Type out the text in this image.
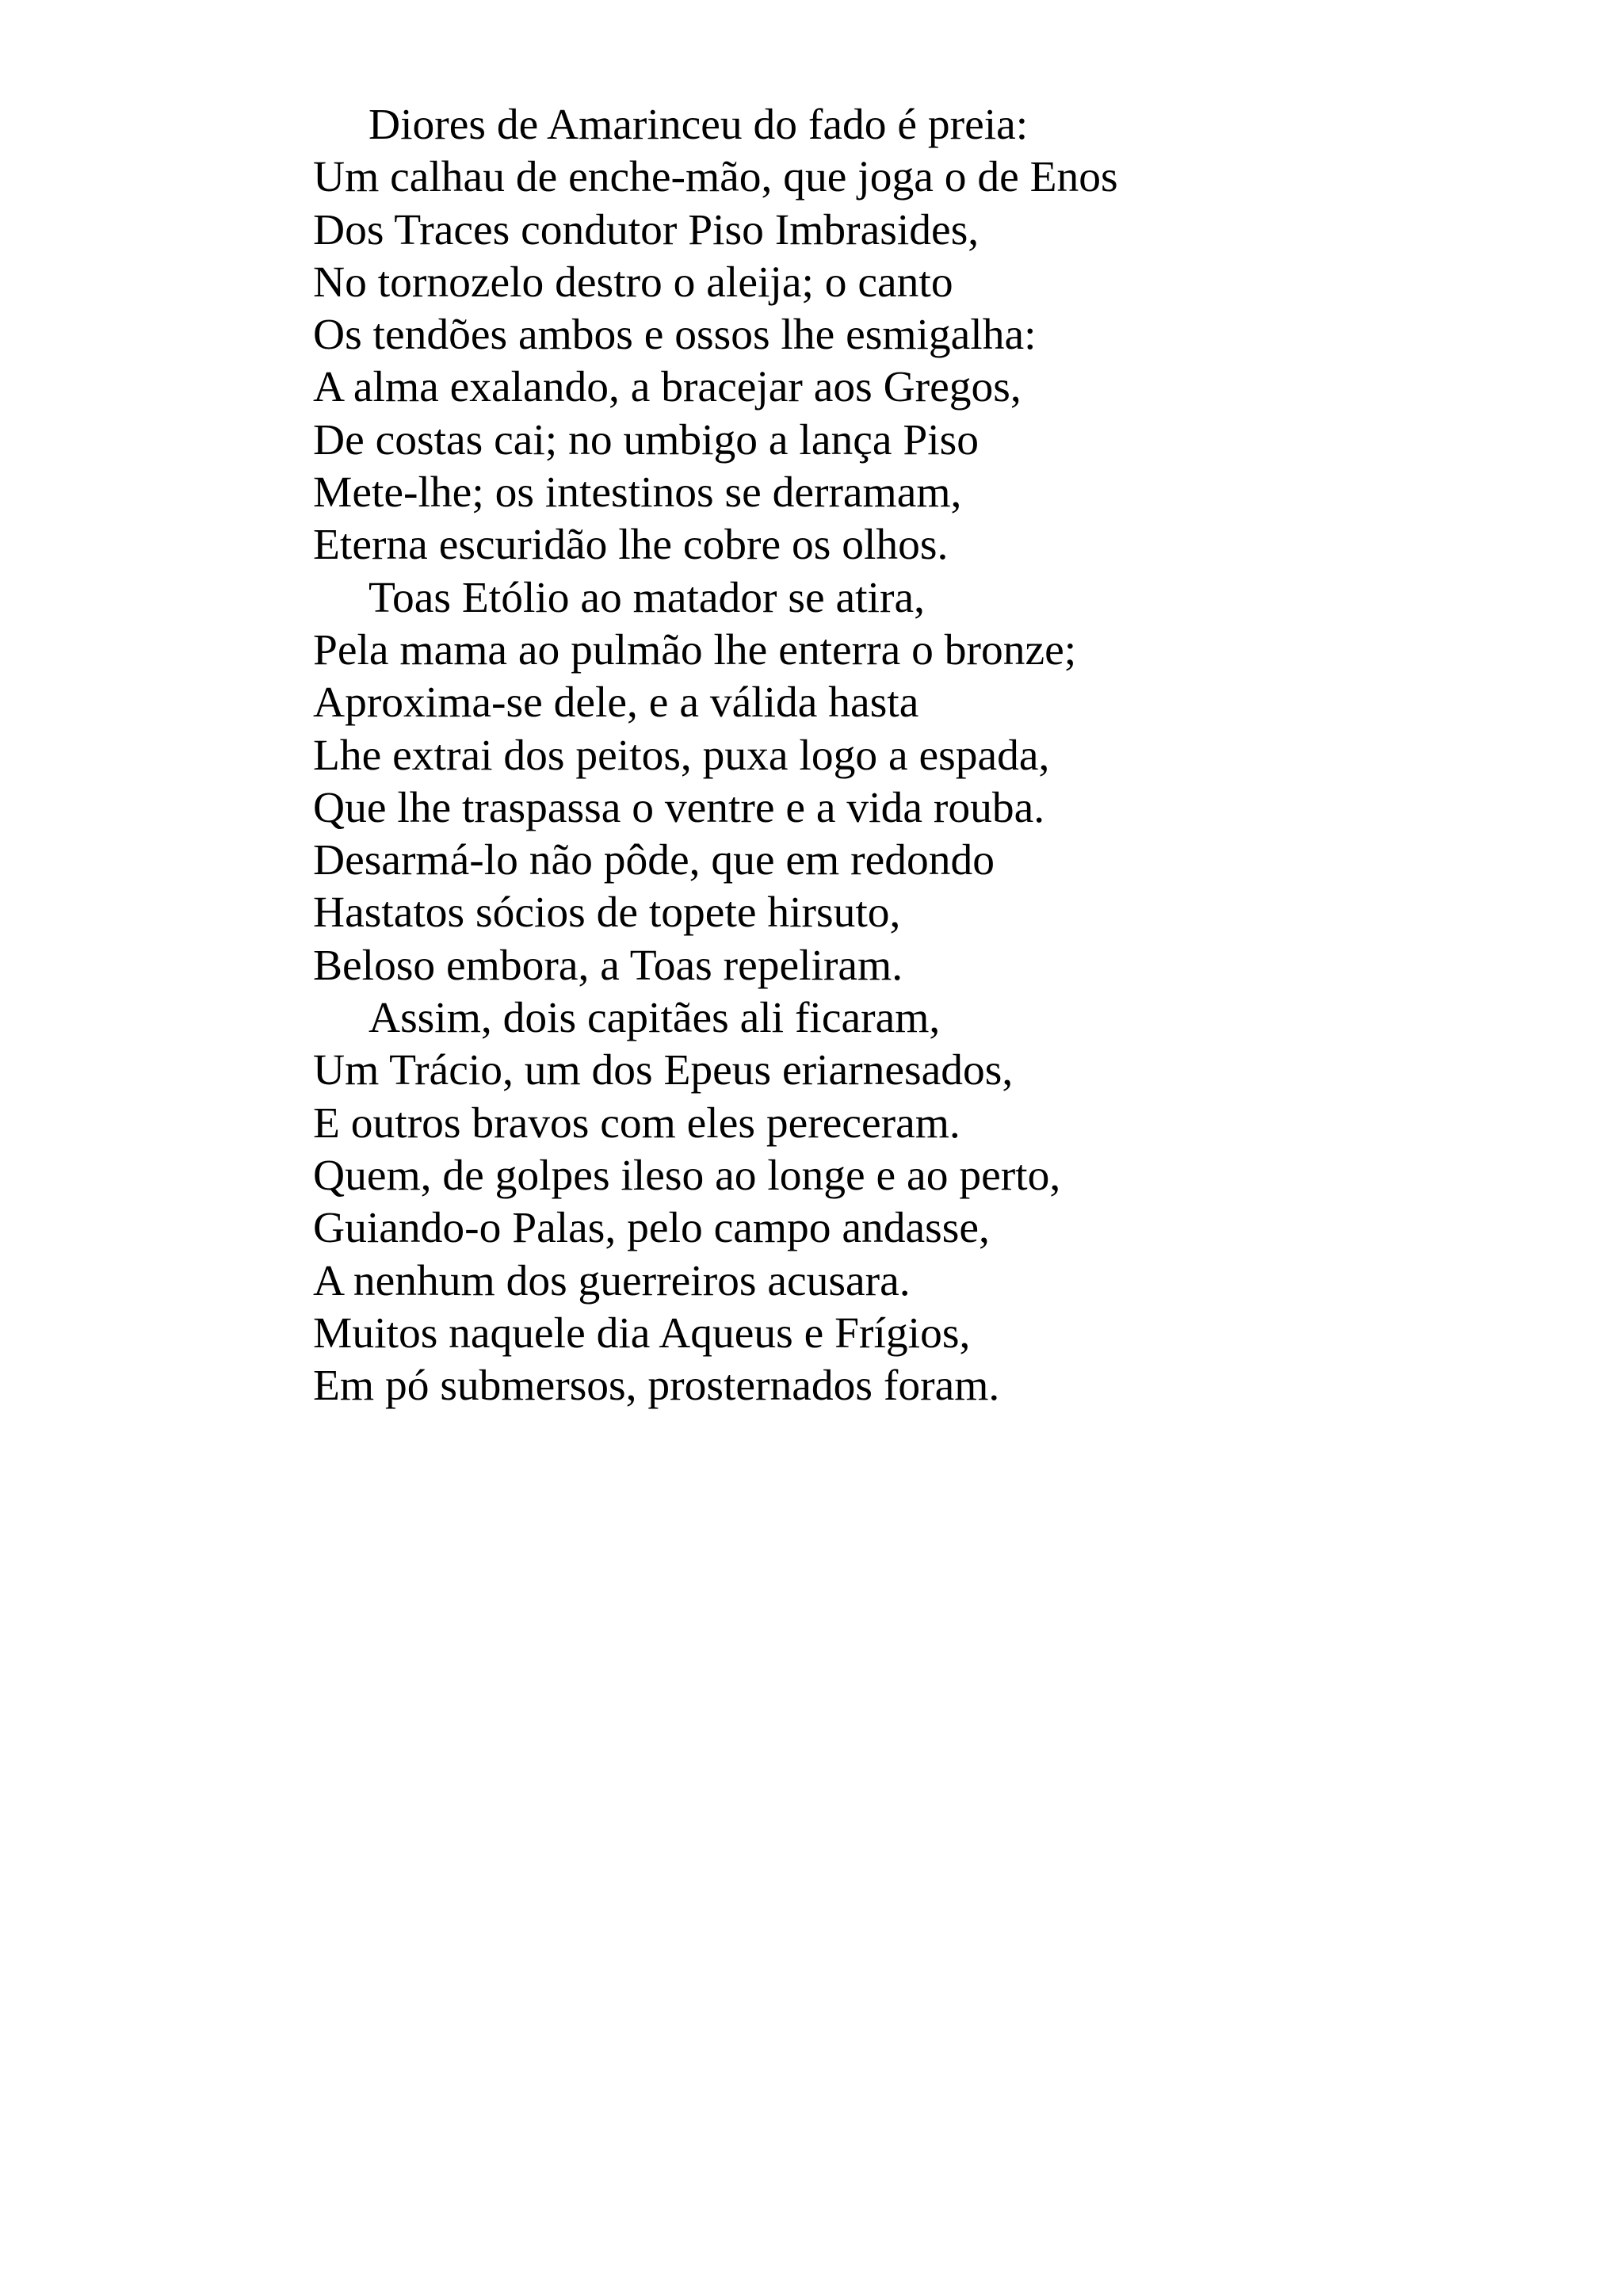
Diores de Amarinceu do fado é preia:
Um calhau de enche-mão, que joga o de Enos
Dos Traces condutor Piso Imbrasides,
No tornozelo destro o aleija; o canto
Os tendões ambos e ossos lhe esmigalha:
A alma exalando, a bracejar aos Gregos,
De costas cai; no umbigo a lança Piso
Mete-lhe; os intestinos se derramam,
Eterna escuridão lhe cobre os olhos.
Toas Etólio ao matador se atira,
Pela mama ao pulmão lhe enterra o bronze;
Aproxima-se dele, e a válida hasta
Lhe extrai dos peitos, puxa logo a espada,
Que lhe traspassa o ventre e a vida rouba.
Desarmá-lo não pôde, que em redondo
Hastatos sócios de topete hirsuto,
Beloso embora, a Toas repeliram.
Assim, dois capitães ali ficaram,
Um Trácio, um dos Epeus eriarnesados,
E outros bravos com eles pereceram.
Quem, de golpes ileso ao longe e ao perto,
Guiando-o Palas, pelo campo andasse,
A nenhum dos guerreiros acusara.
Muitos naquele dia Aqueus e Frígios,
Em pó submersos, prosternados foram.
